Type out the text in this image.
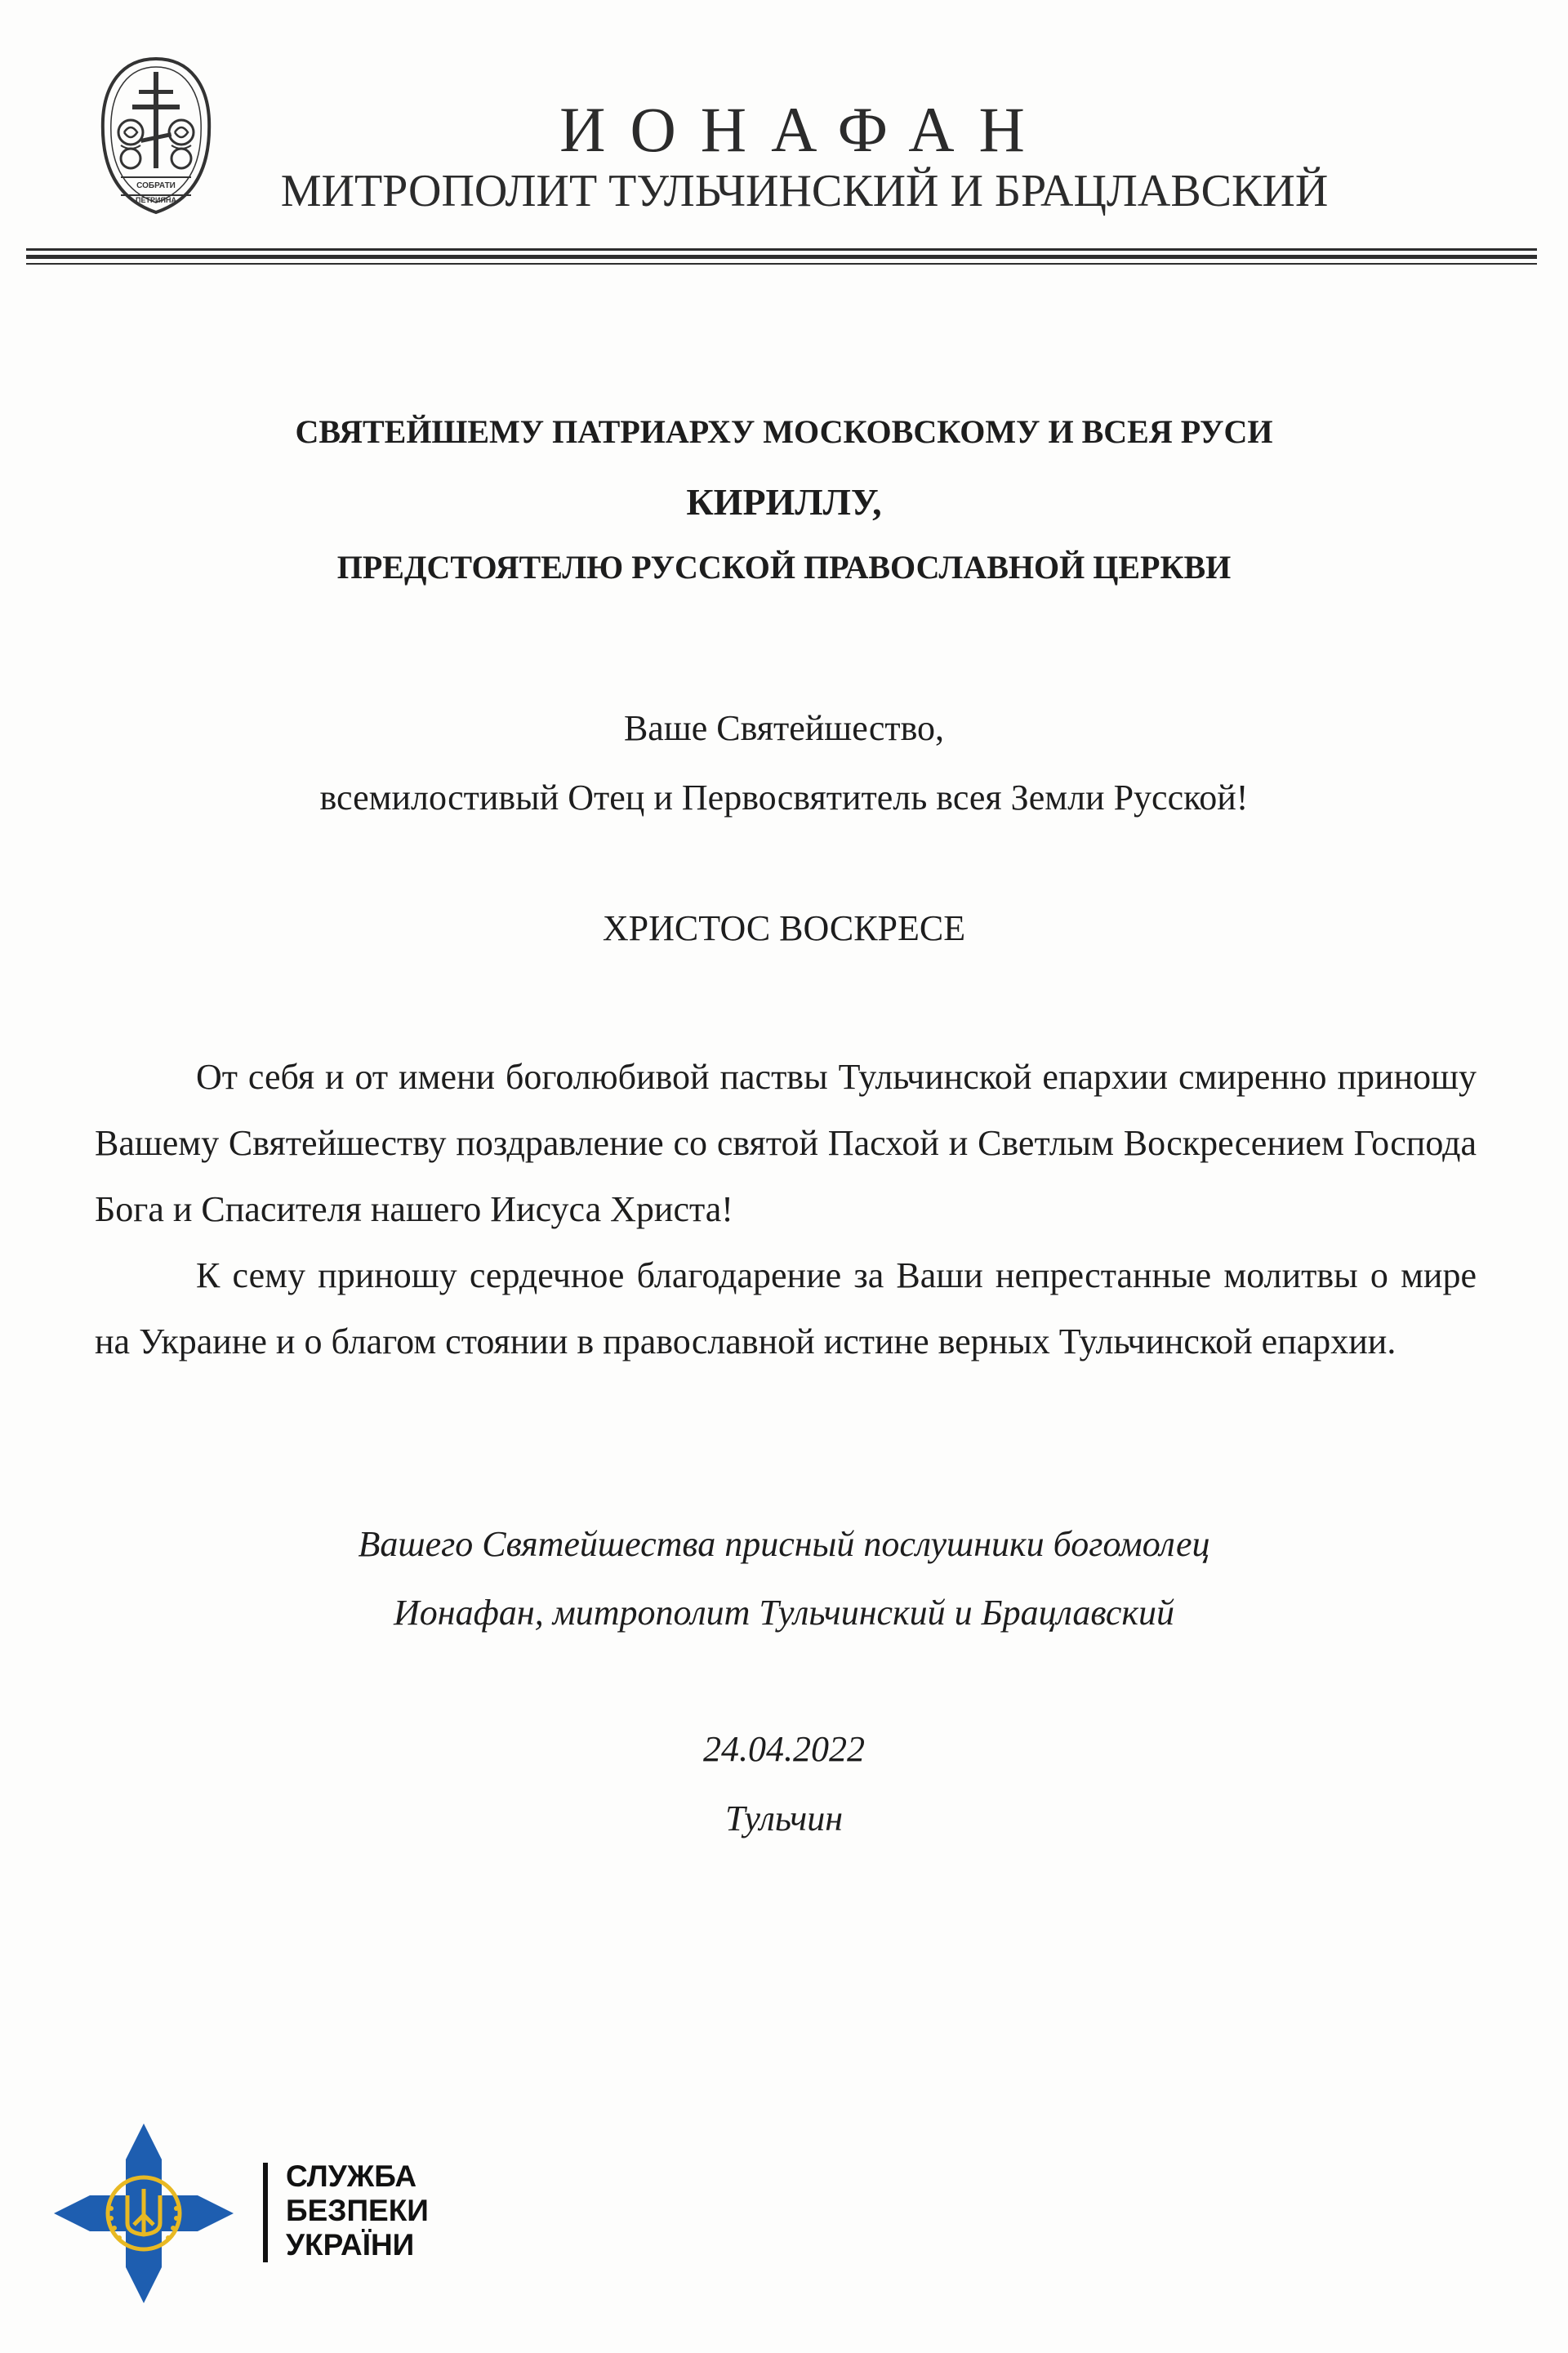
СОБРАТИ
ПЕТРИЯНА
ИОНАФАН
МИТРОПОЛИТ ТУЛЬЧИНСКИЙ И БРАЦЛАВСКИЙ
СВЯТЕЙШЕМУ ПАТРИАРХУ МОСКОВСКОМУ И ВСЕЯ РУСИ
КИРИЛЛУ,
ПРЕДСТОЯТЕЛЮ РУССКОЙ ПРАВОСЛАВНОЙ ЦЕРКВИ
Ваше Святейшество,
всемилостивый Отец и Первосвятитель всея Земли Русской!
ХРИСТОС ВОСКРЕСЕ

От себя и от имени боголюбивой паствы Тульчинской епархии смиренно приношу Вашему Святейшеству поздравление со святой Пасхой и Светлым Воскресением Господа Бога и Спасителя нашего Иисуса Христа!

К сему приношу сердечное благодарение за Ваши непрестанные молитвы о мире на Украине и о благом стоянии в православной истине верных Тульчинской епархии.

Вашего Святейшества присный послушники богомолец
Ионафан, митрополит Тульчинский и Брацлавский
24.04.2022
Тульчин
СЛУЖБА
БЕЗПЕКИ
УКРАЇНИ
